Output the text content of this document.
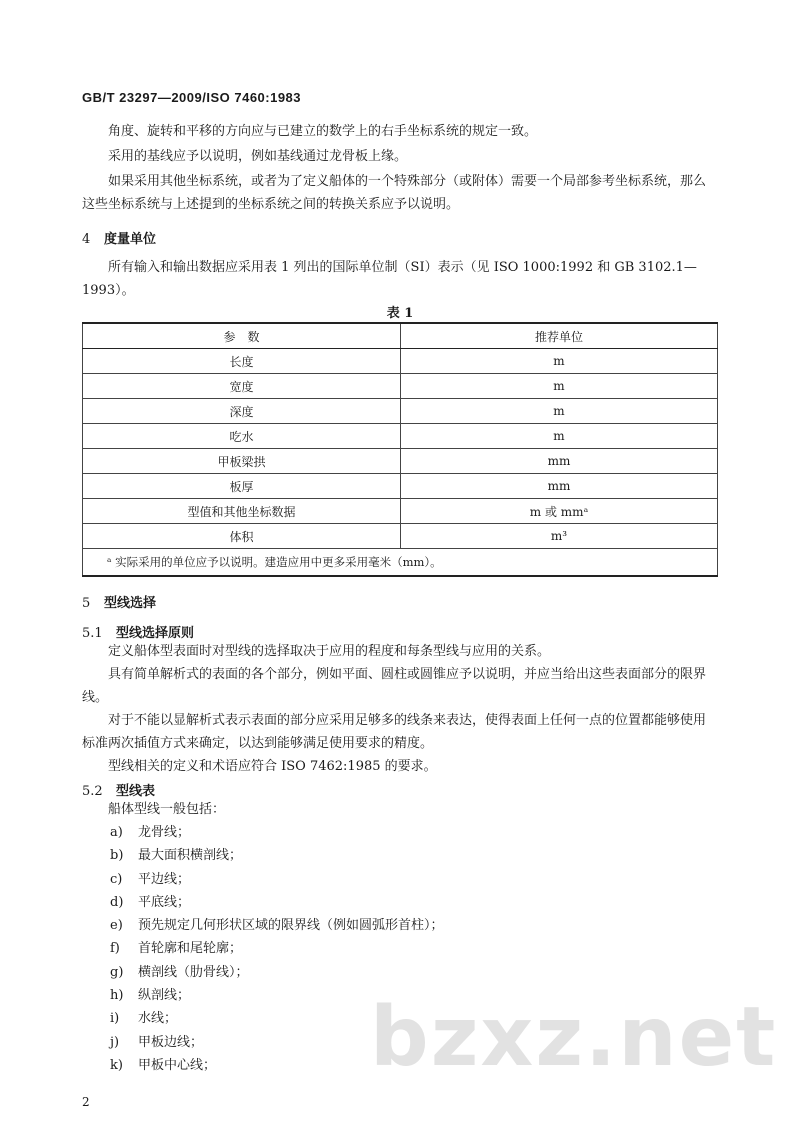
GB/T 23297—2009/ISO 7460:1983
角度、旋转和平移的方向应与已建立的数学上的右手坐标系统的规定一致。
采用的基线应予以说明，例如基线通过龙骨板上缘。
如果采用其他坐标系统，或者为了定义船体的一个特殊部分（或附体）需要一个局部参考坐标系统，那么这些坐标系统与上述提到的坐标系统之间的转换关系应予以说明。
4 度量单位
所有输入和输出数据应采用表 1 列出的国际单位制（SI）表示（见 ISO 1000:1992 和 GB 3102.1—1993）。
表 1
参　数	推荐单位
长度	m
宽度	m
深度	m
吃水	m
甲板梁拱	mm
板厚	mm
型值和其他坐标数据	m 或 mmᵃ
体积	m³
ᵃ 实际采用的单位应予以说明。建造应用中更多采用毫米（mm）。	
5 型线选择
5.1 型线选择原则
定义船体型表面时对型线的选择取决于应用的程度和每条型线与应用的关系。
具有简单解析式的表面的各个部分，例如平面、圆柱或圆锥应予以说明，并应当给出这些表面部分的限界线。
对于不能以显解析式表示表面的部分应采用足够多的线条来表达，使得表面上任何一点的位置都能够使用标准两次插值方式来确定，以达到能够满足使用要求的精度。
型线相关的定义和术语应符合 ISO 7462:1985 的要求。
5.2 型线表
船体型线一般包括：
a) 龙骨线；
b) 最大面积横剖线；
c) 平边线；
d) 平底线；
e) 预先规定几何形状区域的限界线（例如圆弧形首柱）；
f) 首轮廓和尾轮廓；
g) 横剖线（肋骨线）；
h) 纵剖线；
i) 水线；
j) 甲板边线；
k) 甲板中心线；	bzxz.net
2
